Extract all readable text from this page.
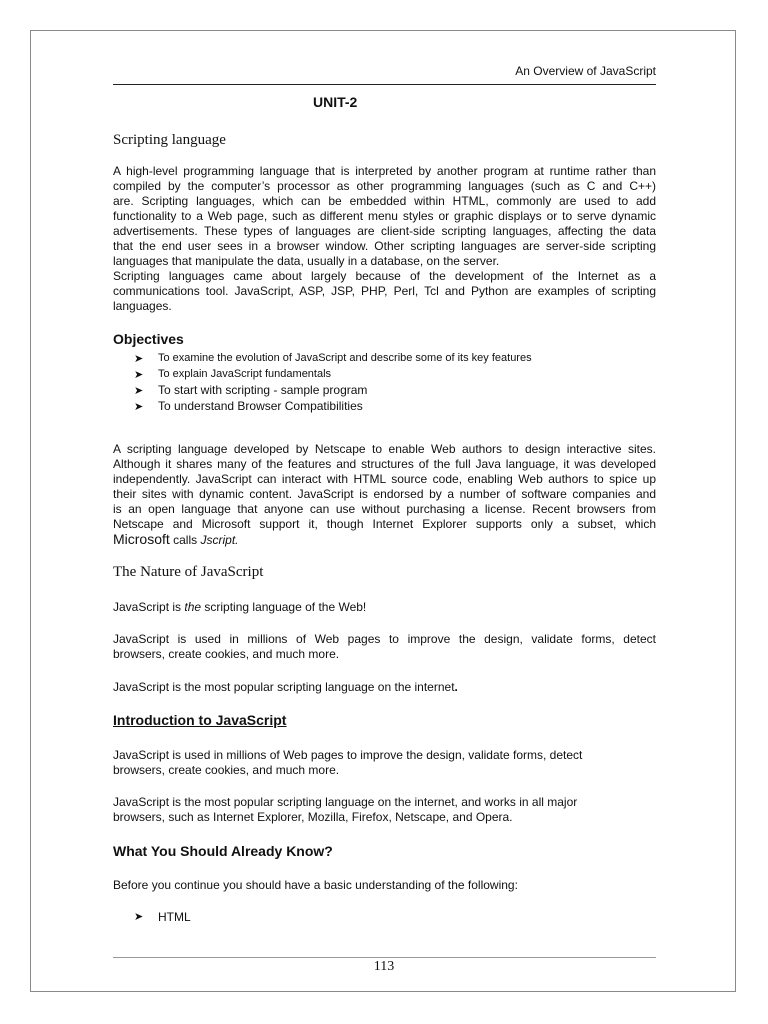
An Overview of JavaScript
UNIT-2
Scripting language
A high-level programming language that is interpreted by another program at runtime rather than
compiled by the computer’s processor as other programming languages (such as C and C++)
are. Scripting languages, which can be embedded within HTML, commonly are used to add
functionality to a Web page, such as different menu styles or graphic displays or to serve dynamic
advertisements. These types of languages are client-side scripting languages, affecting the data
that the end user sees in a browser window. Other scripting languages are server-side scripting
languages that manipulate the data, usually in a database, on the server.
Scripting languages came about largely because of the development of the Internet as a
communications tool. JavaScript, ASP, JSP, PHP, Perl, Tcl and Python are examples of scripting
languages.
Objectives
➤	To examine the evolution of JavaScript and describe some of its key features
➤	To explain JavaScript fundamentals
➤	To start with scripting - sample program
➤	To understand Browser Compatibilities
A scripting language developed by Netscape to enable Web authors to design interactive sites.
Although it shares many of the features and structures of the full Java language, it was developed
independently. JavaScript can interact with HTML source code, enabling Web authors to spice up
their sites with dynamic content. JavaScript is endorsed by a number of software companies and
is an open language that anyone can use without purchasing a license. Recent browsers from
Netscape and Microsoft support it, though Internet Explorer supports only a subset, which
Microsoft calls Jscript.
The Nature of JavaScript
JavaScript is the scripting language of the Web!
JavaScript is used in millions of Web pages to improve the design, validate forms, detect
browsers, create cookies, and much more.
JavaScript is the most popular scripting language on the internet.
Introduction to JavaScript
JavaScript is used in millions of Web pages to improve the design, validate forms, detect
browsers, create cookies, and much more.
JavaScript is the most popular scripting language on the internet, and works in all major
browsers, such as Internet Explorer, Mozilla, Firefox, Netscape, and Opera.
What You Should Already Know?
Before you continue you should have a basic understanding of the following:
➤	HTML
113
